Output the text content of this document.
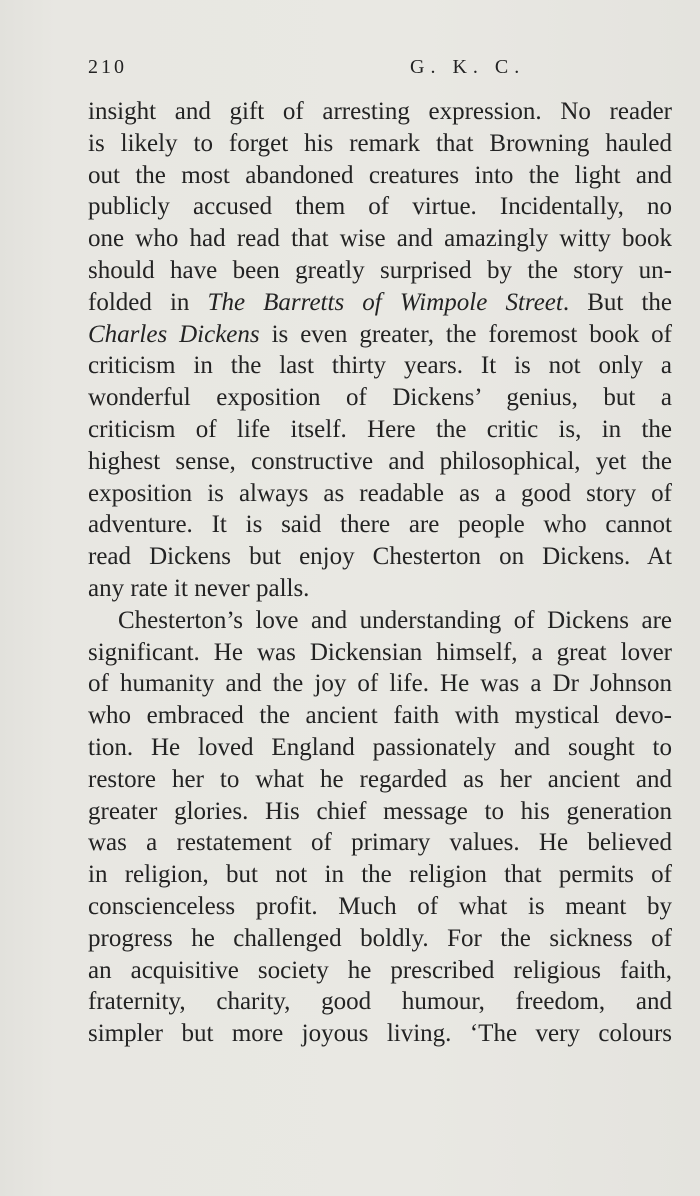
210	G. K. C.
insight and gift of arresting expression. No reader
is likely to forget his remark that Browning hauled
out the most abandoned creatures into the light and
publicly accused them of virtue. Incidentally, no
one who had read that wise and amazingly witty book
should have been greatly surprised by the story un-
folded in The Barretts of Wimpole Street. But the
Charles Dickens is even greater, the foremost book of
criticism in the last thirty years. It is not only a
wonderful exposition of Dickens’ genius, but a
criticism of life itself. Here the critic is, in the
highest sense, constructive and philosophical, yet the
exposition is always as readable as a good story of
adventure. It is said there are people who cannot
read Dickens but enjoy Chesterton on Dickens. At
any rate it never palls.
Chesterton’s love and understanding of Dickens are
significant. He was Dickensian himself, a great lover
of humanity and the joy of life. He was a Dr Johnson
who embraced the ancient faith with mystical devo-
tion. He loved England passionately and sought to
restore her to what he regarded as her ancient and
greater glories. His chief message to his generation
was a restatement of primary values. He believed
in religion, but not in the religion that permits of
conscienceless profit. Much of what is meant by
progress he challenged boldly. For the sickness of
an acquisitive society he prescribed religious faith,
fraternity, charity, good humour, freedom, and
simpler but more joyous living. ‘The very colours
